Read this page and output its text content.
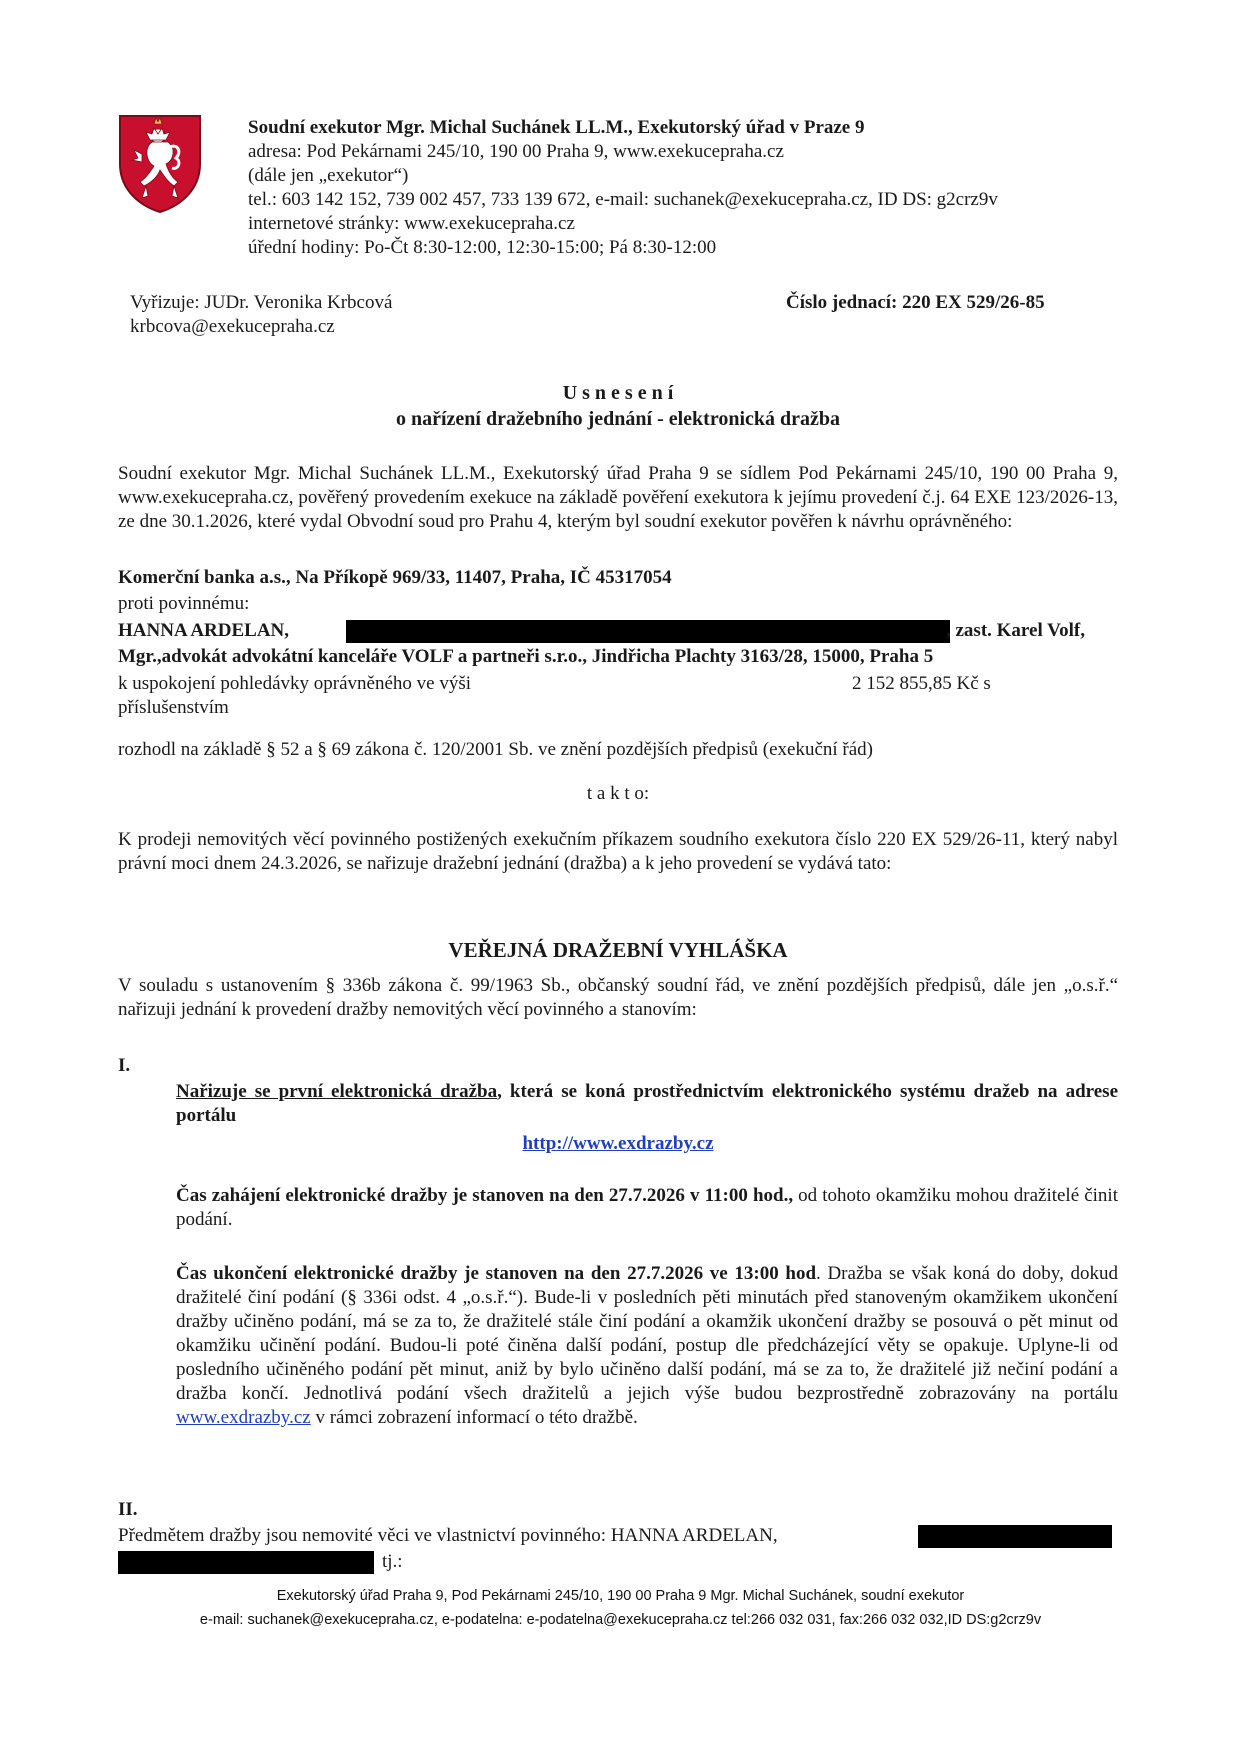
Soudní exekutor Mgr. Michal Suchánek LL.M., Exekutorský úřad v Praze 9
adresa: Pod Pekárnami 245/10, 190 00 Praha 9, www.exekucepraha.cz
(dále jen „exekutor“)
tel.: 603 142 152, 739 002 457, 733 139 672, e-mail: suchanek@exekucepraha.cz, ID DS: g2crz9v
internetové stránky: www.exekucepraha.cz
úřední hodiny: Po-Čt 8:30-12:00, 12:30-15:00; Pá 8:30-12:00
Vyřizuje: JUDr. Veronika Krbcová
krbcova@exekucepraha.cz
Číslo jednací: 220 EX 529/26-85
U s n e s e n í
o nařízení dražebního jednání - elektronická dražba
Soudní exekutor Mgr. Michal Suchánek LL.M., Exekutorský úřad Praha 9 se sídlem Pod Pekárnami 245/10, 190 00 Praha 9, www.exekucepraha.cz, pověřený provedením exekuce na základě pověření exekutora k jejímu provedení č.j. 64 EXE 123/2026-13, ze dne 30.1.2026, které vydal Obvodní soud pro Prahu 4, kterým byl soudní exekutor pověřen k návrhu oprávněného:
Komerční banka a.s., Na Příkopě 969/33, 11407, Praha, IČ 45317054
proti povinnému:
HANNA ARDELAN,	, zast. Karel Volf,
Mgr.,advokát advokátní kanceláře VOLF a partneři s.r.o., Jindřicha Plachty 3163/28, 15000, Praha 5
k uspokojení pohledávky oprávněného ve výši	2 152 855,85 Kč s
příslušenstvím
rozhodl na základě § 52 a § 69 zákona č. 120/2001 Sb. ve znění pozdějších předpisů (exekuční řád)
t a k t o:
K prodeji nemovitých věcí povinného postižených exekučním příkazem soudního exekutora číslo 220 EX 529/26-11, který nabyl právní moci dnem 24.3.2026, se nařizuje dražební jednání (dražba) a k jeho provedení se vydává tato:
VEŘEJNÁ DRAŽEBNÍ VYHLÁŠKA
V souladu s ustanovením § 336b zákona č. 99/1963 Sb., občanský soudní řád, ve znění pozdějších předpisů, dále jen „o.s.ř.“ nařizuji jednání k provedení dražby nemovitých věcí povinného a stanovím:
I.
Nařizuje se první elektronická dražba, která se koná prostřednictvím elektronického systému dražeb na adrese portálu
http://www.exdrazby.cz
Čas zahájení elektronické dražby je stanoven na den 27.7.2026 v 11:00 hod., od tohoto okamžiku mohou dražitelé činit podání.
Čas ukončení elektronické dražby je stanoven na den 27.7.2026 ve 13:00 hod. Dražba se však koná do doby, dokud dražitelé činí podání (§ 336i odst. 4 „o.s.ř.“). Bude-li v posledních pěti minutách před stanoveným okamžikem ukončení dražby učiněno podání, má se za to, že dražitelé stále činí podání a okamžik ukončení dražby se posouvá o pět minut od okamžiku učinění podání. Budou-li poté činěna další podání, postup dle předcházející věty se opakuje. Uplyne-li od posledního učiněného podání pět minut, aniž by bylo učiněno další podání, má se za to, že dražitelé již nečiní podání a dražba končí. Jednotlivá podání všech dražitelů a jejich výše budou bezprostředně zobrazovány na portálu www.exdrazby.cz v rámci zobrazení informací o této dražbě.
II.
Předmětem dražby jsou nemovité věci ve vlastnictví povinného: HANNA ARDELAN,
tj.:
Exekutorský úřad Praha 9, Pod Pekárnami 245/10, 190 00 Praha 9 Mgr. Michal Suchánek, soudní exekutor
e-mail: suchanek@exekucepraha.cz, e-podatelna: e-podatelna@exekucepraha.cz tel:266 032 031, fax:266 032 032,ID DS:g2crz9v
